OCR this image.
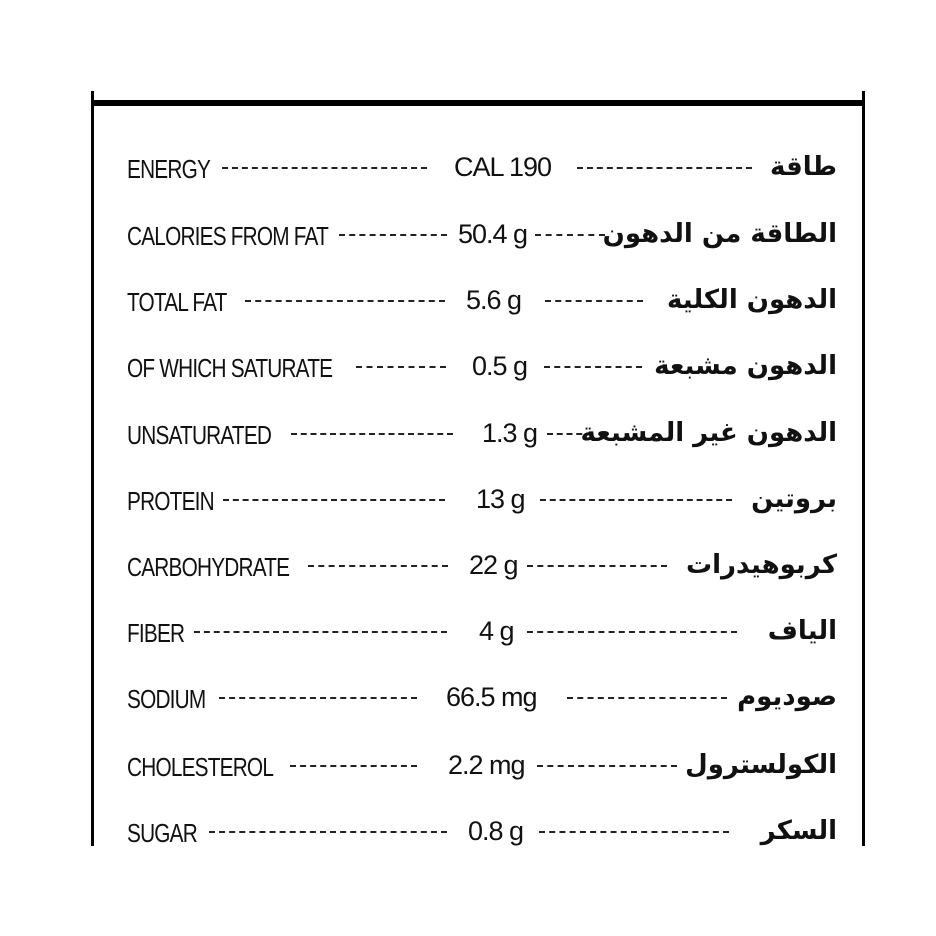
ENERGY	CAL 190	طاقة
CALORIES FROM FAT	50.4 g	الطاقة من الدهون
TOTAL FAT	5.6 g	الدهون الكلية
OF WHICH SATURATE	0.5 g	الدهون مشبعة
UNSATURATED	1.3 g الدهون غير المشبعة
PROTEIN	13 g	بروتين
CARBOHYDRATE	22 g	كربوهيدرات
FIBER	4 g	الياف
SODIUM	66.5 mg	صوديوم
CHOLESTEROL	2.2 mg	الكولسترول
SUGAR	0.8 g	السكر
